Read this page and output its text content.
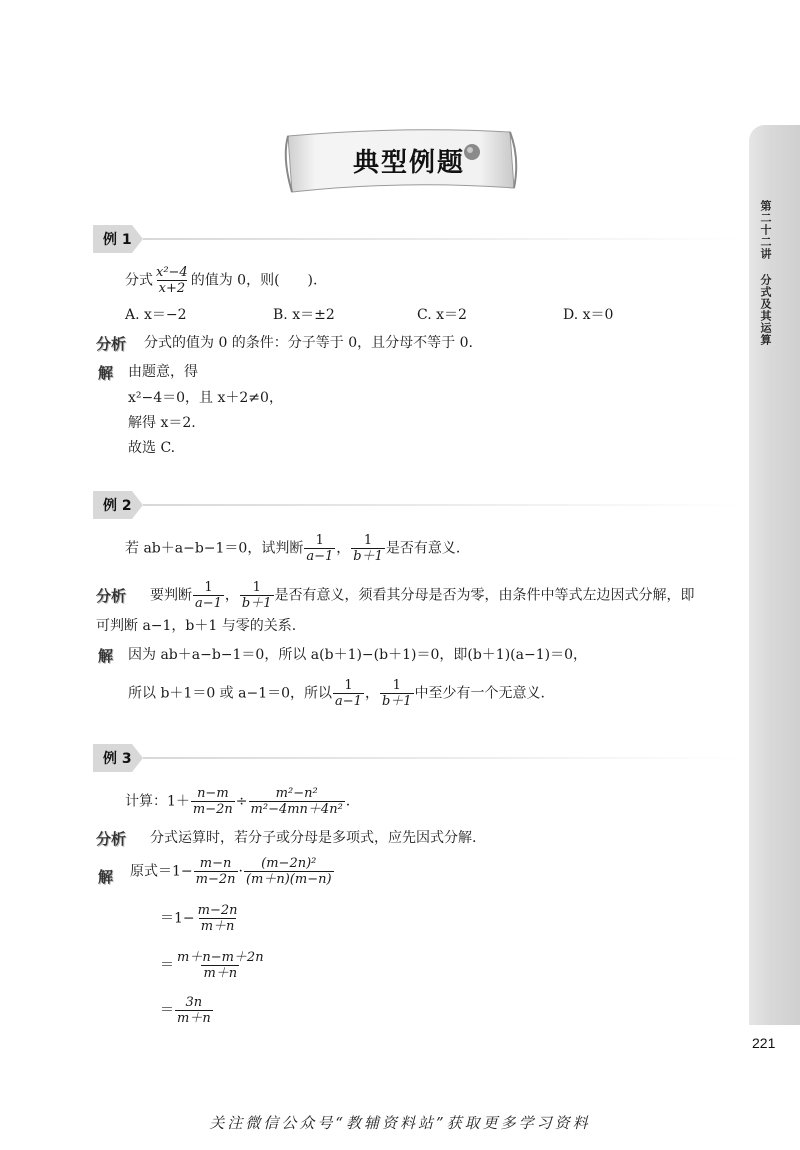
第二十二讲
分式及其运算
221
典型例题
例 1
分式 $\frac{\text{x²−4}}{x+2}$ 的值为 0，则(　　).
A. x＝−2	B. x＝±2	C. x＝2	D. x＝0
分析 分式的值为 0 的条件：分子等于 0，且分母不等于 0.
解 由题意，得
x²−4＝0，且 x＋2≠0，
解得 x＝2.
故选 C.
例 2
若 ab＋a−b−1＝0，试判断 $\frac{1}{a-1}$ ， $\frac{1}{b+1}$ 是否有意义.
分析 要判断 $\frac{1}{a-1}$ ， $\frac{1}{b+1}$ 是否有意义，须看其分母是否为零，由条件中等式左边因式分解，即
可判断 a−1，b＋1 与零的关系.
解 因为 ab＋a−b−1＝0，所以 a(b＋1)−(b＋1)＝0，即(b＋1)(a−1)＝0，
所以 b＋1＝0 或 a−1＝0，所以 $\frac{1}{a-1}$ ， $\frac{1}{b+1}$ 中至少有一个无意义.
例 3
计算：$1+ \frac{n-m}{m-2n} \div \frac{\text{m²−n²}}{\text{m²−4mn＋4n²}}$ .
分析 分式运算时，若分子或分母是多项式，应先因式分解.
解 原式$=1- \frac{m-n}{m-2n} \cdot \frac{\text{(m−2n)²}}{(m+n)(m-n)}$
$=1- \frac{m-2n}{m+n}$
＝ $\frac{m+n-m+2n}{m+n}$
＝ $\frac{3n}{m+n}$
关注微信公众号“教辅资料站”获取更多学习资料
